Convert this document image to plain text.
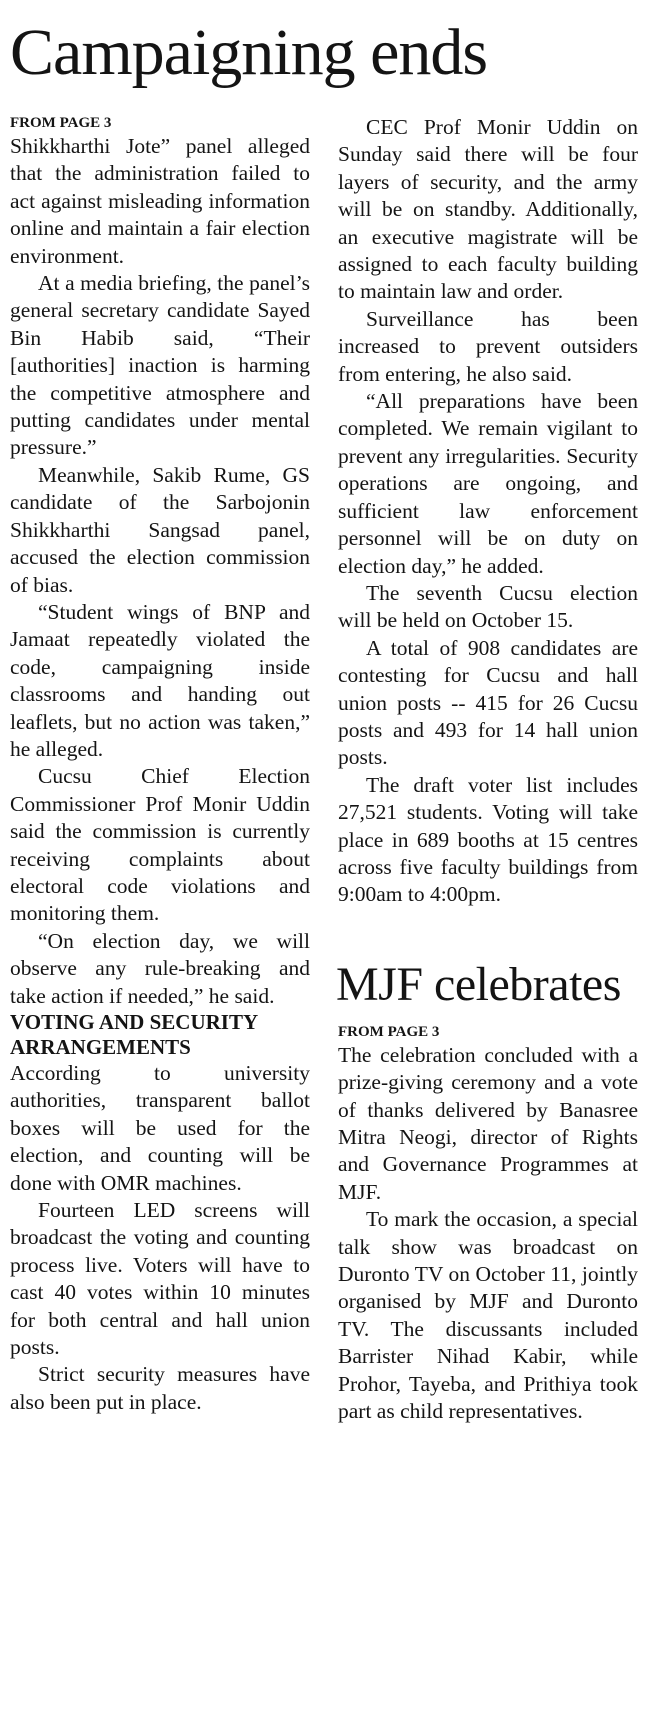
Campaigning ends
FROM PAGE 3

Shikkharthi Jote” panel alleged that the administration failed to act against misleading information online and maintain a fair election environment.

At a media briefing, the panel’s general secretary candidate Sayed Bin Habib said, “Their [authorities] inaction is harming the competitive atmosphere and putting candidates under mental pressure.”

Meanwhile, Sakib Rume, GS candidate of the Sarbojonin Shikkharthi Sangsad panel, accused the election commission of bias.

“Student wings of BNP and Jamaat repeatedly violated the code, campaigning inside classrooms and handing out leaflets, but no action was taken,” he alleged.

Cucsu Chief Election Commissioner Prof Monir Uddin said the commission is currently receiving complaints about electoral code violations and monitoring them.

“On election day, we will observe any rule-breaking and take action if needed,” he said.

VOTING AND SECURITY ARRANGEMENTS

According to university authorities, transparent ballot boxes will be used for the election, and counting will be done with OMR machines.

Fourteen LED screens will broadcast the voting and counting process live. Voters will have to cast 40 votes within 10 minutes for both central and hall union posts.

Strict security measures have also been put in place.

CEC Prof Monir Uddin on Sunday said there will be four layers of security, and the army will be on standby. Additionally, an executive magistrate will be assigned to each faculty building to maintain law and order.

Surveillance has been increased to prevent outsiders from entering, he also said.

“All preparations have been completed. We remain vigilant to prevent any irregularities. Security operations are ongoing, and sufficient law enforcement personnel will be on duty on election day,” he added.

The seventh Cucsu election will be held on October 15.

A total of 908 candidates are contesting for Cucsu and hall union posts -- 415 for 26 Cucsu posts and 493 for 14 hall union posts.

The draft voter list includes 27,521 students. Voting will take place in 689 booths at 15 centres across five faculty buildings from 9:00am to 4:00pm.

MJF celebrates
FROM PAGE 3

The celebration concluded with a prize-giving ceremony and a vote of thanks delivered by Banasree Mitra Neogi, director of Rights and Governance Programmes at MJF.

To mark the occasion, a special talk show was broadcast on Duronto TV on October 11, jointly organised by MJF and Duronto TV. The discussants included Barrister Nihad Kabir, while Prohor, Tayeba, and Prithiya took part as child representatives.
